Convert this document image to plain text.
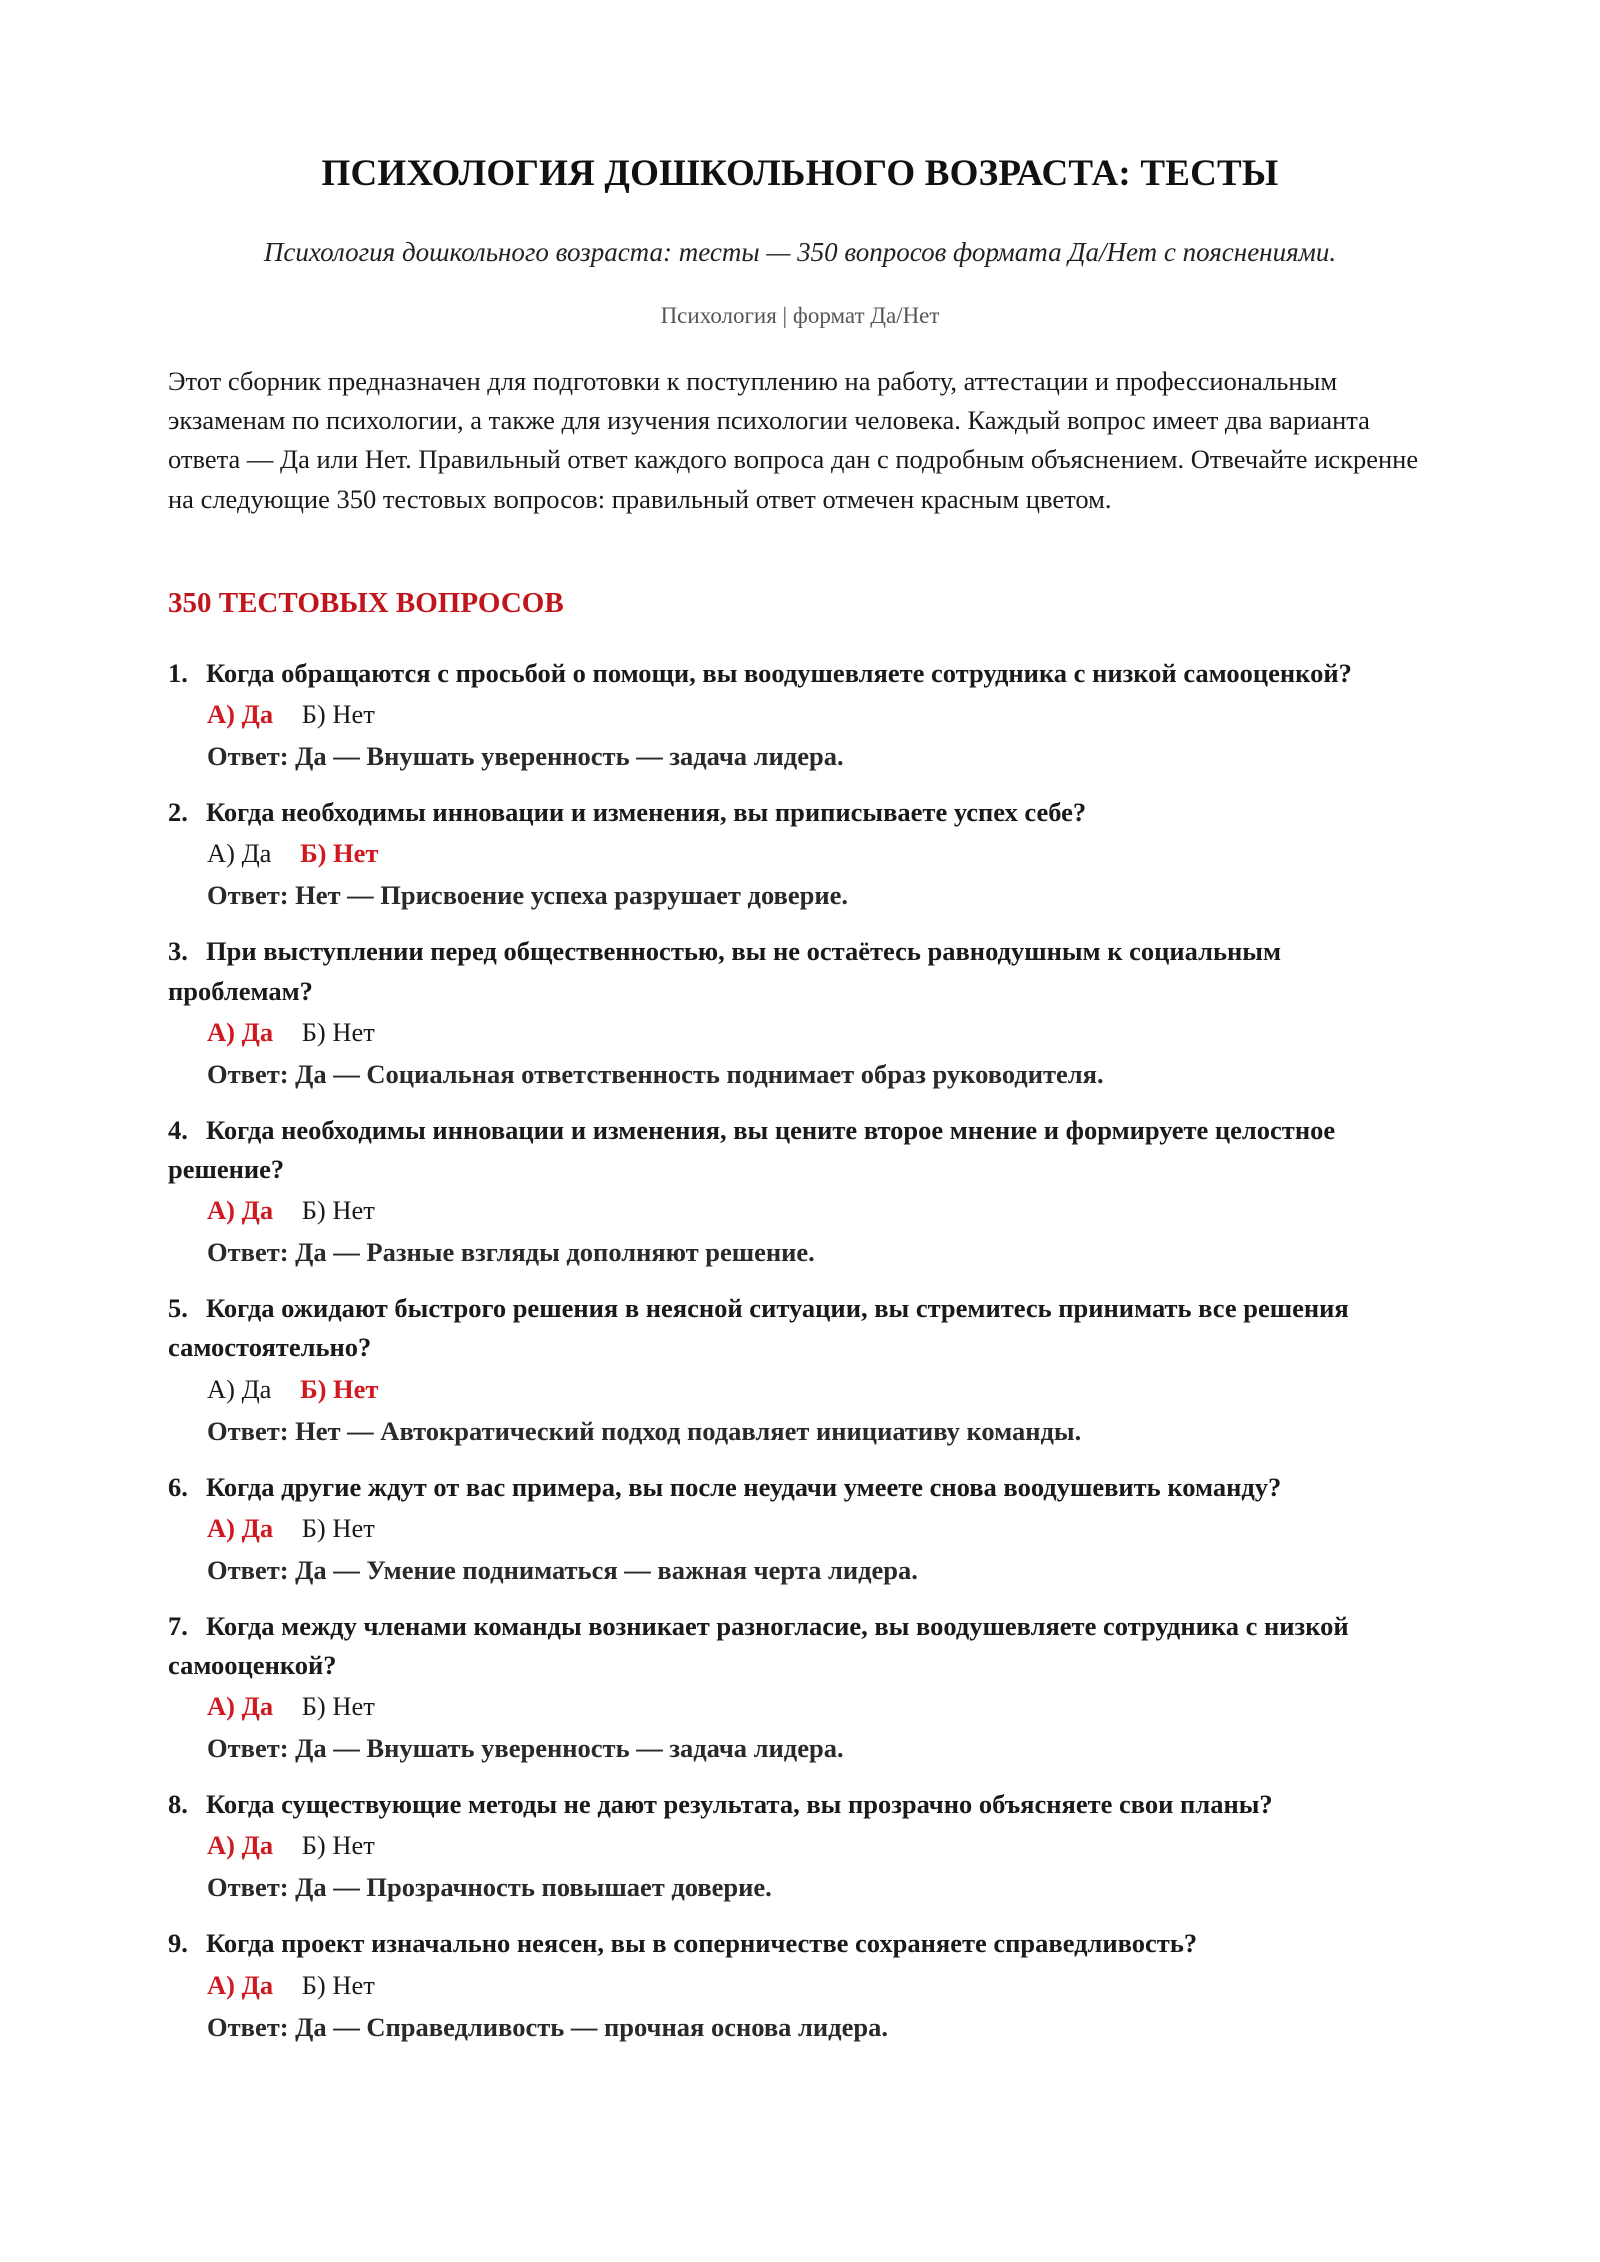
ПСИХОЛОГИЯ ДОШКОЛЬНОГО ВОЗРАСТА: ТЕСТЫ

Психология дошкольного возраста: тесты — 350 вопросов формата Да/Нет с пояснениями.

Психология | формат Да/Нет

Этот сборник предназначен для подготовки к поступлению на работу, аттестации и профессиональным экзаменам по психологии, а также для изучения психологии человека. Каждый вопрос имеет два варианта ответа — Да или Нет. Правильный ответ каждого вопроса дан с подробным объяснением. Отвечайте искренне на следующие 350 тестовых вопросов: правильный ответ отмечен красным цветом.

350 ТЕСТОВЫХ ВОПРОСОВ

1. Когда обращаются с просьбой о помощи, вы воодушевляете сотрудника с низкой самооценкой?

А) Да Б) Нет
Ответ: Да — Внушать уверенность — задача лидера.

2. Когда необходимы инновации и изменения, вы приписываете успех себе?

А) Да Б) Нет
Ответ: Нет — Присвоение успеха разрушает доверие.

3. При выступлении перед общественностью, вы не остаётесь равнодушным к социальным проблемам?

А) Да Б) Нет
Ответ: Да — Социальная ответственность поднимает образ руководителя.

4. Когда необходимы инновации и изменения, вы цените второе мнение и формируете целостное решение?

А) Да Б) Нет
Ответ: Да — Разные взгляды дополняют решение.

5. Когда ожидают быстрого решения в неясной ситуации, вы стремитесь принимать все решения самостоятельно?

А) Да Б) Нет
Ответ: Нет — Автократический подход подавляет инициативу команды.

6. Когда другие ждут от вас примера, вы после неудачи умеете снова воодушевить команду?

А) Да Б) Нет
Ответ: Да — Умение подниматься — важная черта лидера.

7. Когда между членами команды возникает разногласие, вы воодушевляете сотрудника с низкой самооценкой?

А) Да Б) Нет
Ответ: Да — Внушать уверенность — задача лидера.

8. Когда существующие методы не дают результата, вы прозрачно объясняете свои планы?

А) Да Б) Нет
Ответ: Да — Прозрачность повышает доверие.

9. Когда проект изначально неясен, вы в соперничестве сохраняете справедливость?

А) Да Б) Нет
Ответ: Да — Справедливость — прочная основа лидера.
